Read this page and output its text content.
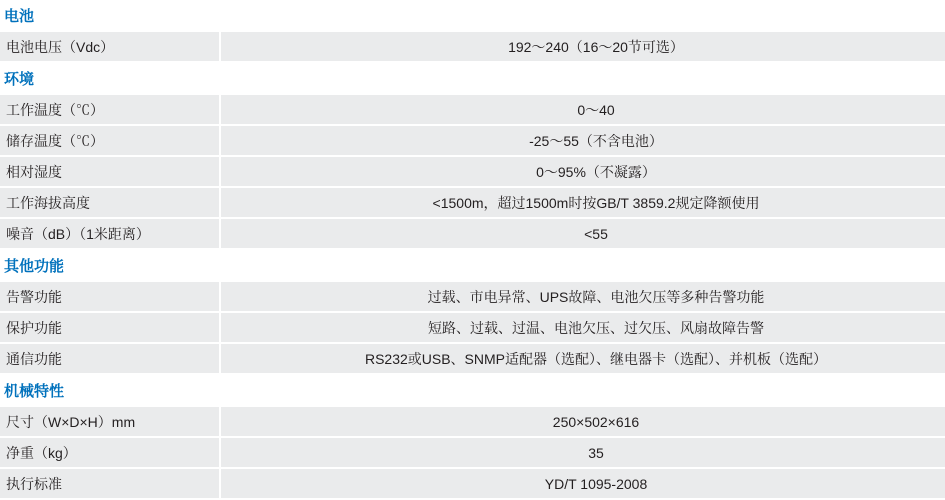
电池
电池电压（Vdc）	192～240（16～20节可选）
环境
工作温度（℃）	0～40	
储存温度（℃）	-25～55（不含电池）	
相对湿度	0～95%（不凝露）	
工作海拔高度	<1500m，超过1500m时按GB/T 3859.2规定降额使用	
噪音（dB）（1米距离）	<55	
其他功能
告警功能	过载、市电异常、UPS故障、电池欠压等多种告警功能
保护功能	短路、过载、过温、电池欠压、过欠压、风扇故障告警
通信功能	RS232或USB、SNMP适配器（选配）、继电器卡（选配）、并机板（选配）
机械特性
尺寸（W×D×H）mm	250×502×616	
净重（kg）	35		
执行标准	YD/T 1095-2008	
